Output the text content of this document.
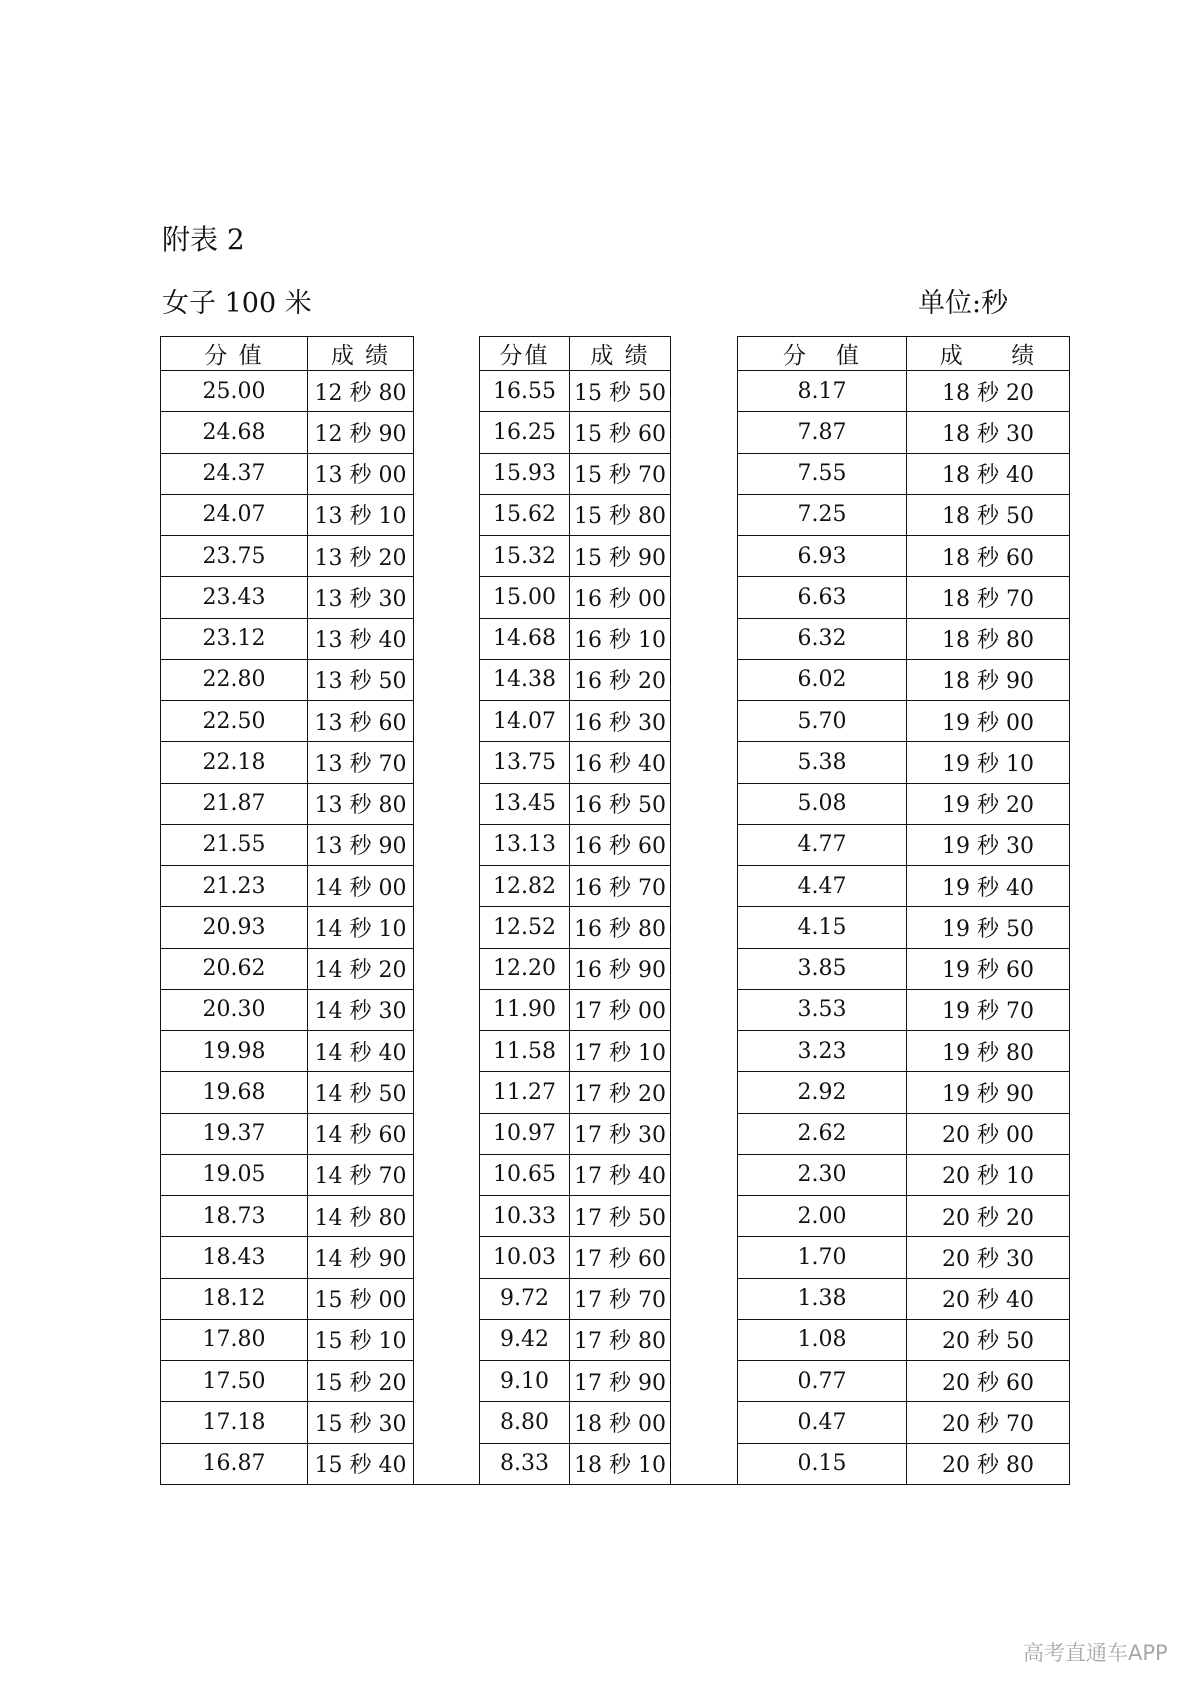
附表 2
女子 100 米	单位:秒
分 值	成 绩		分值	成 绩		分   值	成     绩
25.00	12 秒 80		16.55	15 秒 50		8.17	18 秒 20
24.68	12 秒 90		16.25	15 秒 60		7.87	18 秒 30
24.37	13 秒 00		15.93	15 秒 70		7.55	18 秒 40
24.07	13 秒 10		15.62	15 秒 80		7.25	18 秒 50
23.75	13 秒 20		15.32	15 秒 90		6.93	18 秒 60
23.43	13 秒 30		15.00	16 秒 00		6.63	18 秒 70
23.12	13 秒 40		14.68	16 秒 10		6.32	18 秒 80
22.80	13 秒 50		14.38	16 秒 20		6.02	18 秒 90
22.50	13 秒 60		14.07	16 秒 30		5.70	19 秒 00
22.18	13 秒 70		13.75	16 秒 40		5.38	19 秒 10
21.87	13 秒 80		13.45	16 秒 50		5.08	19 秒 20
21.55	13 秒 90		13.13	16 秒 60		4.77	19 秒 30
21.23	14 秒 00		12.82	16 秒 70		4.47	19 秒 40
20.93	14 秒 10		12.52	16 秒 80		4.15	19 秒 50
20.62	14 秒 20		12.20	16 秒 90		3.85	19 秒 60
20.30	14 秒 30		11.90	17 秒 00		3.53	19 秒 70
19.98	14 秒 40		11.58	17 秒 10		3.23	19 秒 80
19.68	14 秒 50		11.27	17 秒 20		2.92	19 秒 90
19.37	14 秒 60		10.97	17 秒 30		2.62	20 秒 00
19.05	14 秒 70		10.65	17 秒 40		2.30	20 秒 10
18.73	14 秒 80		10.33	17 秒 50		2.00	20 秒 20
18.43	14 秒 90		10.03	17 秒 60		1.70	20 秒 30
18.12	15 秒 00		9.72	17 秒 70		1.38	20 秒 40
17.80	15 秒 10		9.42	17 秒 80		1.08	20 秒 50
17.50	15 秒 20		9.10	17 秒 90		0.77	20 秒 60
17.18	15 秒 30		8.80	18 秒 00		0.47	20 秒 70
16.87	15 秒 40		8.33	18 秒 10		0.15	20 秒 80
高考直通车APP
